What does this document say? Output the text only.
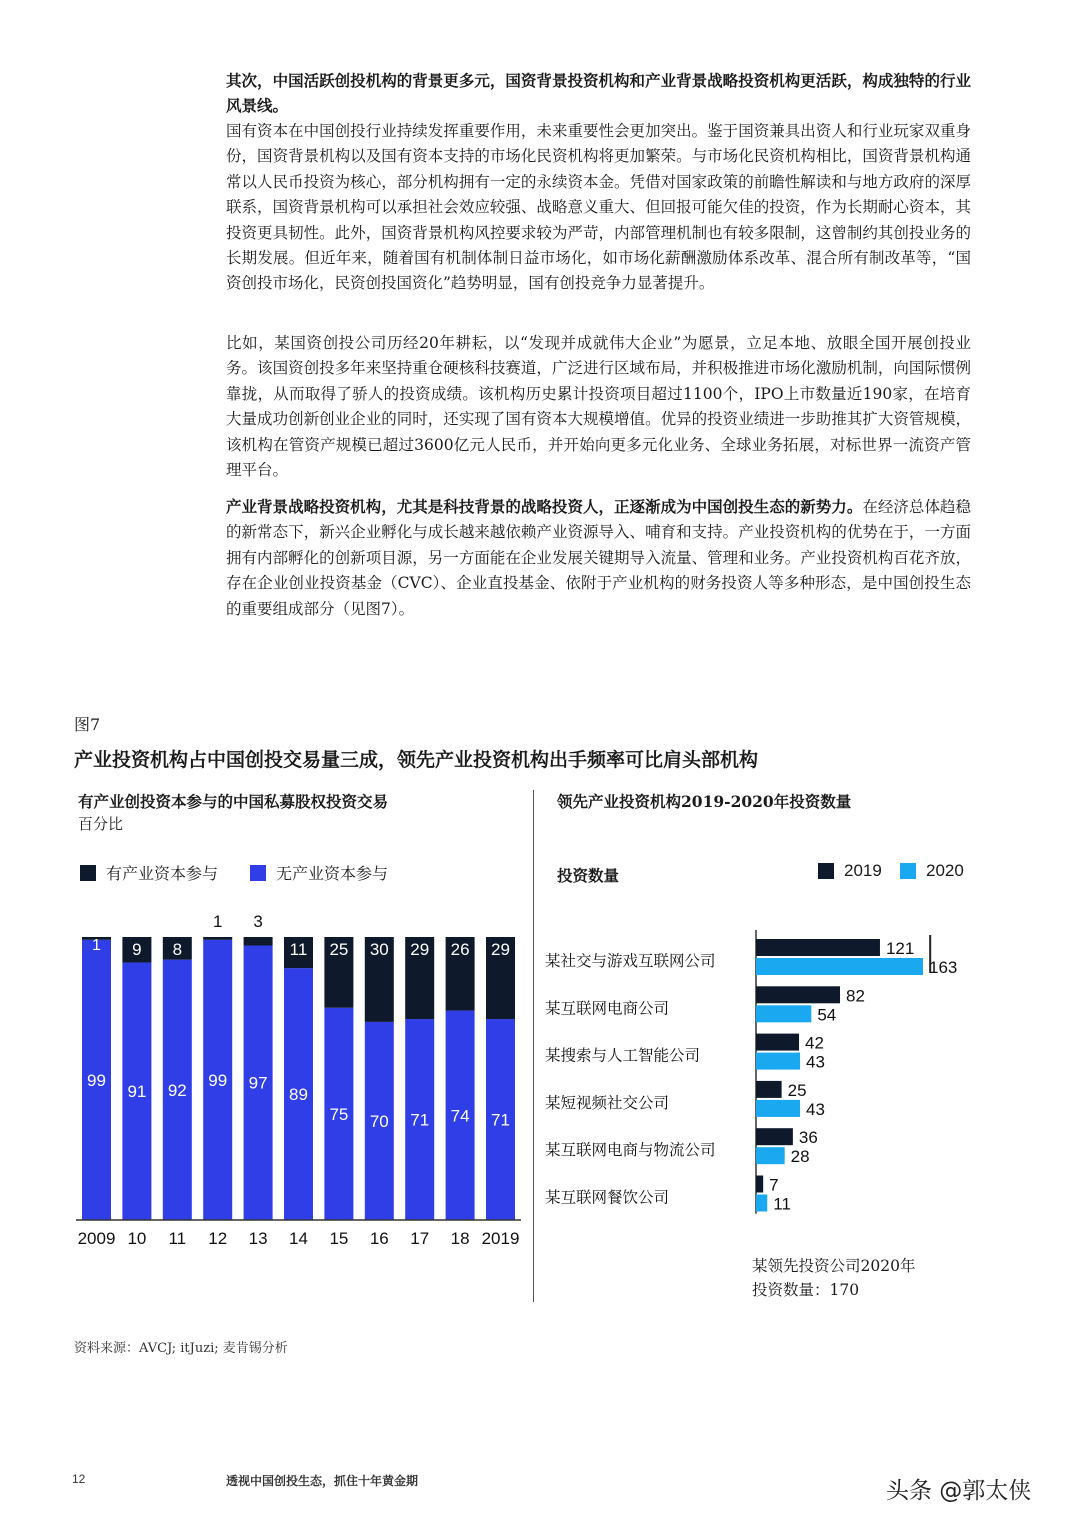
其次，中国活跃创投机构的背景更多元，国资背景投资机构和产业背景战略投资机构更活跃，构成独特的行业风景线。
国有资本在中国创投行业持续发挥重要作用，未来重要性会更加突出。鉴于国资兼具出资人和行业玩家双重身份，国资背景机构以及国有资本支持的市场化民资机构将更加繁荣。与市场化民资机构相比，国资背景机构通常以人民币投资为核心，部分机构拥有一定的永续资本金。凭借对国家政策的前瞻性解读和与地方政府的深厚联系，国资背景机构可以承担社会效应较强、战略意义重大、但回报可能欠佳的投资，作为长期耐心资本，其投资更具韧性。此外，国资背景机构风控要求较为严苛，内部管理机制也有较多限制，这曾制约其创投业务的长期发展。但近年来，随着国有机制体制日益市场化，如市场化薪酬激励体系改革、混合所有制改革等，“国资创投市场化，民资创投国资化”趋势明显，国有创投竞争力显著提升。
比如，某国资创投公司历经20年耕耘，以“发现并成就伟大企业”为愿景，立足本地、放眼全国开展创投业务。该国资创投多年来坚持重仓硬核科技赛道，广泛进行区域布局，并积极推进市场化激励机制，向国际惯例靠拢，从而取得了骄人的投资成绩。该机构历史累计投资项目超过1100个，IPO上市数量近190家，在培育大量成功创新创业企业的同时，还实现了国有资本大规模增值。优异的投资业绩进一步助推其扩大资管规模，该机构在管资产规模已超过3600亿元人民币，并开始向更多元化业务、全球业务拓展，对标世界一流资产管理平台。
产业背景战略投资机构，尤其是科技背景的战略投资人，正逐渐成为中国创投生态的新势力。在经济总体趋稳的新常态下，新兴企业孵化与成长越来越依赖产业资源导入、哺育和支持。产业投资机构的优势在于，一方面拥有内部孵化的创新项目源，另一方面能在企业发展关键期导入流量、管理和业务。产业投资机构百花齐放，存在企业创业投资基金（CVC）、企业直投基金、依附于产业机构的财务投资人等多种形态，是中国创投生态的重要组成部分（见图7）。
图7
产业投资机构占中国创投交易量三成，领先产业投资机构出手频率可比肩头部机构
有产业创投资本参与的中国私募股权投资交易
百分比
有产业资本参与	无产业资本参与
99
1
2009
91
9
10
92
8
11
99
1
12
97
3
13
89
11
14
75
25
15
70
30
16
71
29
17
74
26
18
71
29
2019
领先产业投资机构2019-2020年投资数量
投资数量	2019	2020
121
163
某社交与游戏互联网公司
82
54
某互联网电商公司
42
43
某搜索与人工智能公司
25
43
某短视频社交公司
36
28
某互联网电商与物流公司
7
11
某互联网餐饮公司
某领先投资公司2020年
投资数量：170
资料来源：AVCJ; itJuzi; 麦肯锡分析
12	透视中国创投生态，抓住十年黄金期	头条 @郭太侠
